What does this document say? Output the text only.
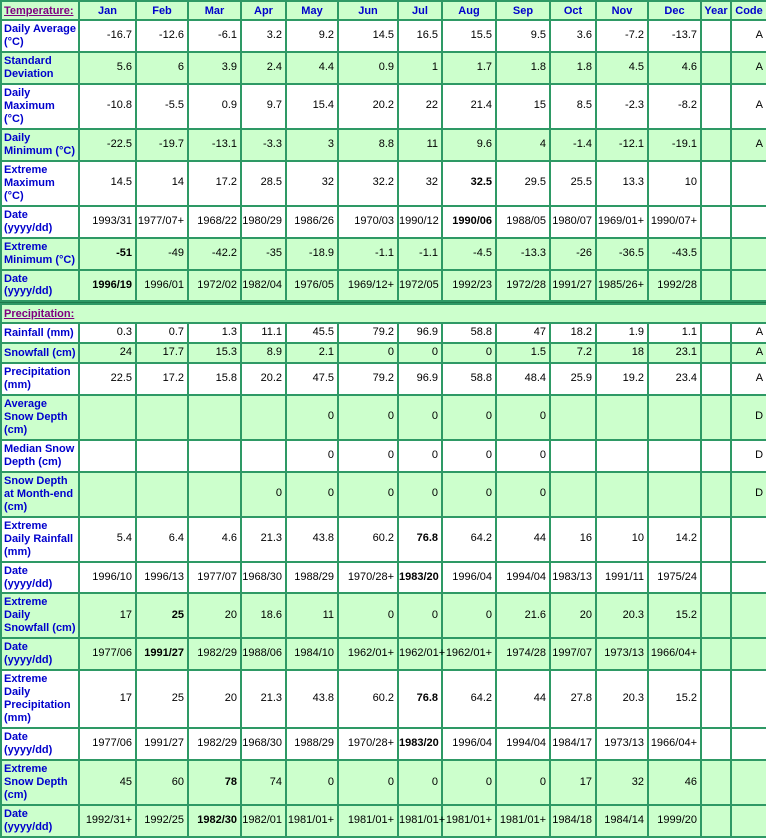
Temperature:	Jan	Feb	Mar	Apr	May	Jun	Jul	Aug	Sep	Oct	Nov	Dec	Year	Code
Daily Average (°C)	-16.7	-12.6	-6.1	3.2	9.2	14.5	16.5	15.5	9.5	3.6	-7.2	-13.7		A
Standard Deviation	5.6	6	3.9	2.4	4.4	0.9	1	1.7	1.8	1.8	4.5	4.6		A
Daily Maximum (°C)	-10.8	-5.5	0.9	9.7	15.4	20.2	22	21.4	15	8.5	-2.3	-8.2		A
Daily Minimum (°C)	-22.5	-19.7	-13.1	-3.3	3	8.8	11	9.6	4	-1.4	-12.1	-19.1		A
Extreme Maximum (°C)	14.5	14	17.2	28.5	32	32.2	32	32.5	29.5	25.5	13.3	10		
Date (yyyy/dd)	1993/31	1977/07+	1968/22	1980/29	1986/26	1970/03	1990/12	1990/06	1988/05	1980/07	1969/01+	1990/07+		
Extreme Minimum (°C)	-51	-49	-42.2	-35	-18.9	-1.1	-1.1	-4.5	-13.3	-26	-36.5	-43.5		
Date (yyyy/dd)	1996/19	1996/01	1972/02	1982/04	1976/05	1969/12+	1972/05	1992/23	1972/28	1991/27	1985/26+	1992/28		
Precipitation:														
Rainfall (mm)	0.3	0.7	1.3	11.1	45.5	79.2	96.9	58.8	47	18.2	1.9	1.1		A
Snowfall (cm)	24	17.7	15.3	8.9	2.1	0	0	0	1.5	7.2	18	23.1		A
Precipitation (mm)	22.5	17.2	15.8	20.2	47.5	79.2	96.9	58.8	48.4	25.9	19.2	23.4		A
Average Snow Depth (cm)					0	0	0	0	0					D
Median Snow Depth (cm)					0	0	0	0	0					D
Snow Depth at Month-end (cm)				0	0	0	0	0	0					D
Extreme Daily Rainfall (mm)	5.4	6.4	4.6	21.3	43.8	60.2	76.8	64.2	44	16	10	14.2		
Date (yyyy/dd)	1996/10	1996/13	1977/07	1968/30	1988/29	1970/28+	1983/20	1996/04	1994/04	1983/13	1991/11	1975/24		
Extreme Daily Snowfall (cm)	17	25	20	18.6	11	0	0	0	21.6	20	20.3	15.2		
Date (yyyy/dd)	1977/06	1991/27	1982/29	1988/06	1984/10	1962/01+	1962/01+	1962/01+	1974/28	1997/07	1973/13	1966/04+		
Extreme Daily Precipitation (mm)	17	25	20	21.3	43.8	60.2	76.8	64.2	44	27.8	20.3	15.2		
Date (yyyy/dd)	1977/06	1991/27	1982/29	1968/30	1988/29	1970/28+	1983/20	1996/04	1994/04	1984/17	1973/13	1966/04+		
Extreme Snow Depth (cm)	45	60	78	74	0	0	0	0	0	17	32	46		
Date (yyyy/dd)	1992/31+	1992/25	1982/30	1982/01	1981/01+	1981/01+	1981/01+	1981/01+	1981/01+	1984/18	1984/14	1999/20		
